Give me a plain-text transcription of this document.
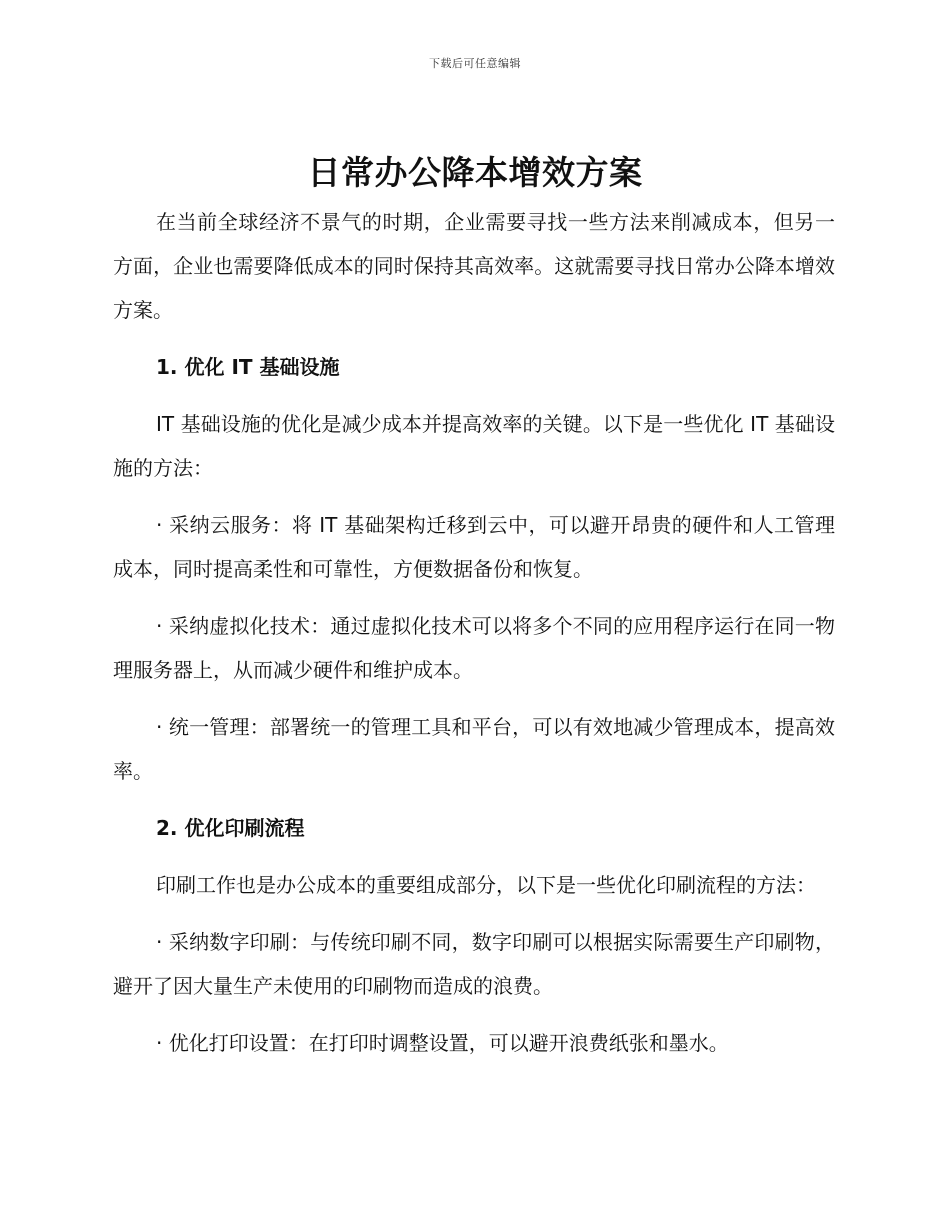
下载后可任意编辑
日常办公降本增效方案

在当前全球经济不景气的时期，企业需要寻找一些方法来削减成本，但另一方面，企业也需要降低成本的同时保持其高效率。这就需要寻找日常办公降本增效方案。

1. 优化 IT 基础设施

IT 基础设施的优化是减少成本并提高效率的关键。以下是一些优化 IT 基础设施的方法：

· 采纳云服务：将 IT 基础架构迁移到云中，可以避开昂贵的硬件和人工管理成本，同时提高柔性和可靠性，方便数据备份和恢复。

· 采纳虚拟化技术：通过虚拟化技术可以将多个不同的应用程序运行在同一物理服务器上，从而减少硬件和维护成本。

· 统一管理：部署统一的管理工具和平台，可以有效地减少管理成本，提高效率。

2. 优化印刷流程

印刷工作也是办公成本的重要组成部分，以下是一些优化印刷流程的方法：

· 采纳数字印刷：与传统印刷不同，数字印刷可以根据实际需要生产印刷物，避开了因大量生产未使用的印刷物而造成的浪费。

· 优化打印设置：在打印时调整设置，可以避开浪费纸张和墨水。
